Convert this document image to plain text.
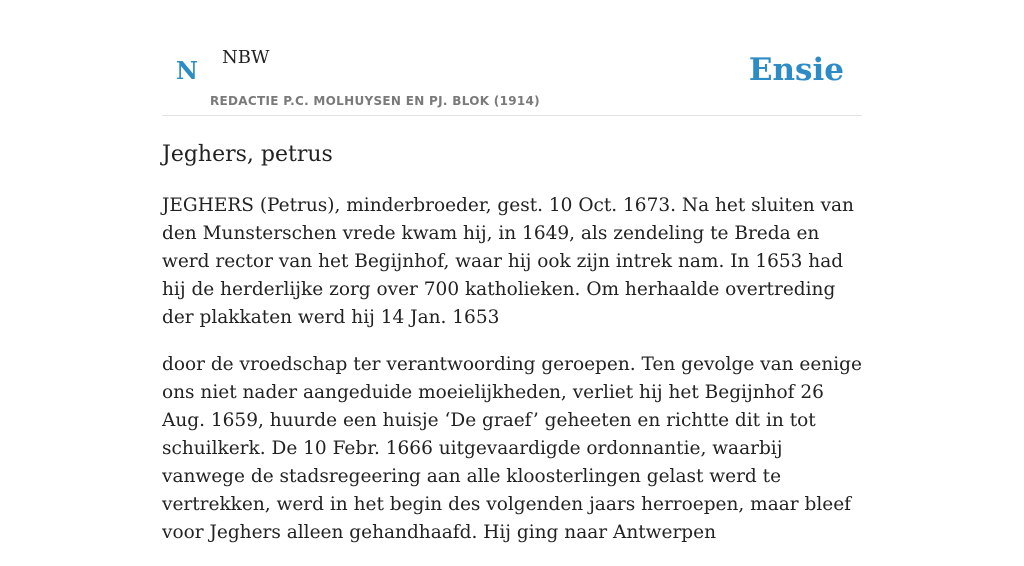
N NBW
REDACTIE P.C. MOLHUYSEN EN PJ. BLOK (1914)
Ensie
Jeghers, petrus

JEGHERS (Petrus), minderbroeder, gest. 10 Oct. 1673. Na het sluiten van den Munsterschen vrede kwam hij, in 1649, als zendeling te Breda en werd rector van het Begijnhof, waar hij ook zijn intrek nam. In 1653 had hij de herderlijke zorg over 700 katholieken. Om herhaalde overtreding der plakkaten werd hij 14 Jan. 1653

door de vroedschap ter verantwoording geroepen. Ten gevolge van eenige ons niet nader aangeduide moeielijkheden, verliet hij het Begijnhof 26 Aug. 1659, huurde een huisje ‘De graef’ geheeten en richtte dit in tot schuilkerk. De 10 Febr. 1666 uitgevaardigde ordonnantie, waarbij vanwege de stadsregeering aan alle kloosterlingen gelast werd te vertrekken, werd in het begin des volgenden jaars herroepen, maar bleef voor Jeghers alleen gehandhaafd. Hij ging naar Antwerpen
